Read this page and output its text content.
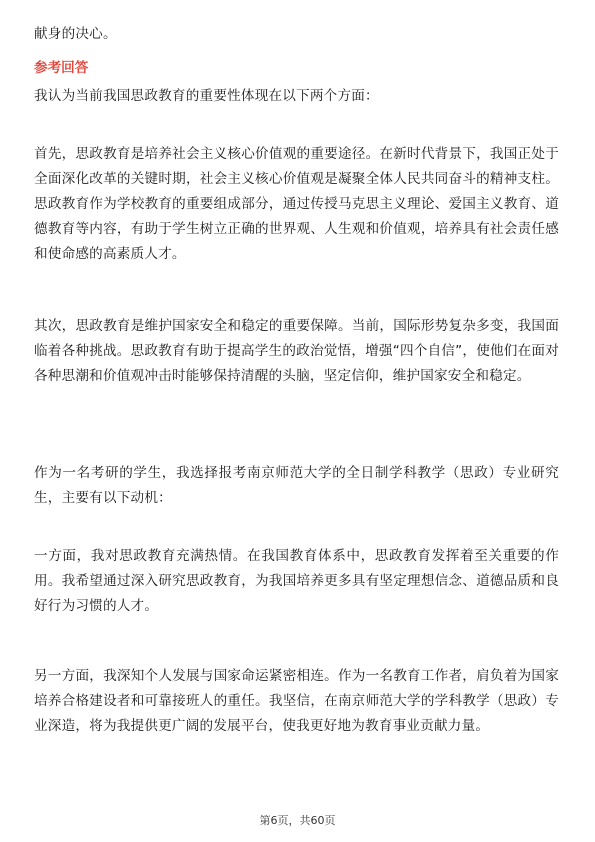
献身的决心。

参考回答

我认为当前我国思政教育的重要性体现在以下两个方面：

首先，思政教育是培养社会主义核心价值观的重要途径。在新时代背景下，我国正处于全面深化改革的关键时期，社会主义核心价值观是凝聚全体人民共同奋斗的精神支柱。思政教育作为学校教育的重要组成部分，通过传授马克思主义理论、爱国主义教育、道德教育等内容，有助于学生树立正确的世界观、人生观和价值观，培养具有社会责任感和使命感的高素质人才。

其次，思政教育是维护国家安全和稳定的重要保障。当前，国际形势复杂多变，我国面临着各种挑战。思政教育有助于提高学生的政治觉悟，增强“四个自信”，使他们在面对各种思潮和价值观冲击时能够保持清醒的头脑，坚定信仰，维护国家安全和稳定。

作为一名考研的学生，我选择报考南京师范大学的全日制学科教学（思政）专业研究生，主要有以下动机：

一方面，我对思政教育充满热情。在我国教育体系中，思政教育发挥着至关重要的作用。我希望通过深入研究思政教育，为我国培养更多具有坚定理想信念、道德品质和良好行为习惯的人才。

另一方面，我深知个人发展与国家命运紧密相连。作为一名教育工作者，肩负着为国家培养合格建设者和可靠接班人的重任。我坚信，在南京师范大学的学科教学（思政）专业深造，将为我提供更广阔的发展平台，使我更好地为教育事业贡献力量。

第6页，共60页
